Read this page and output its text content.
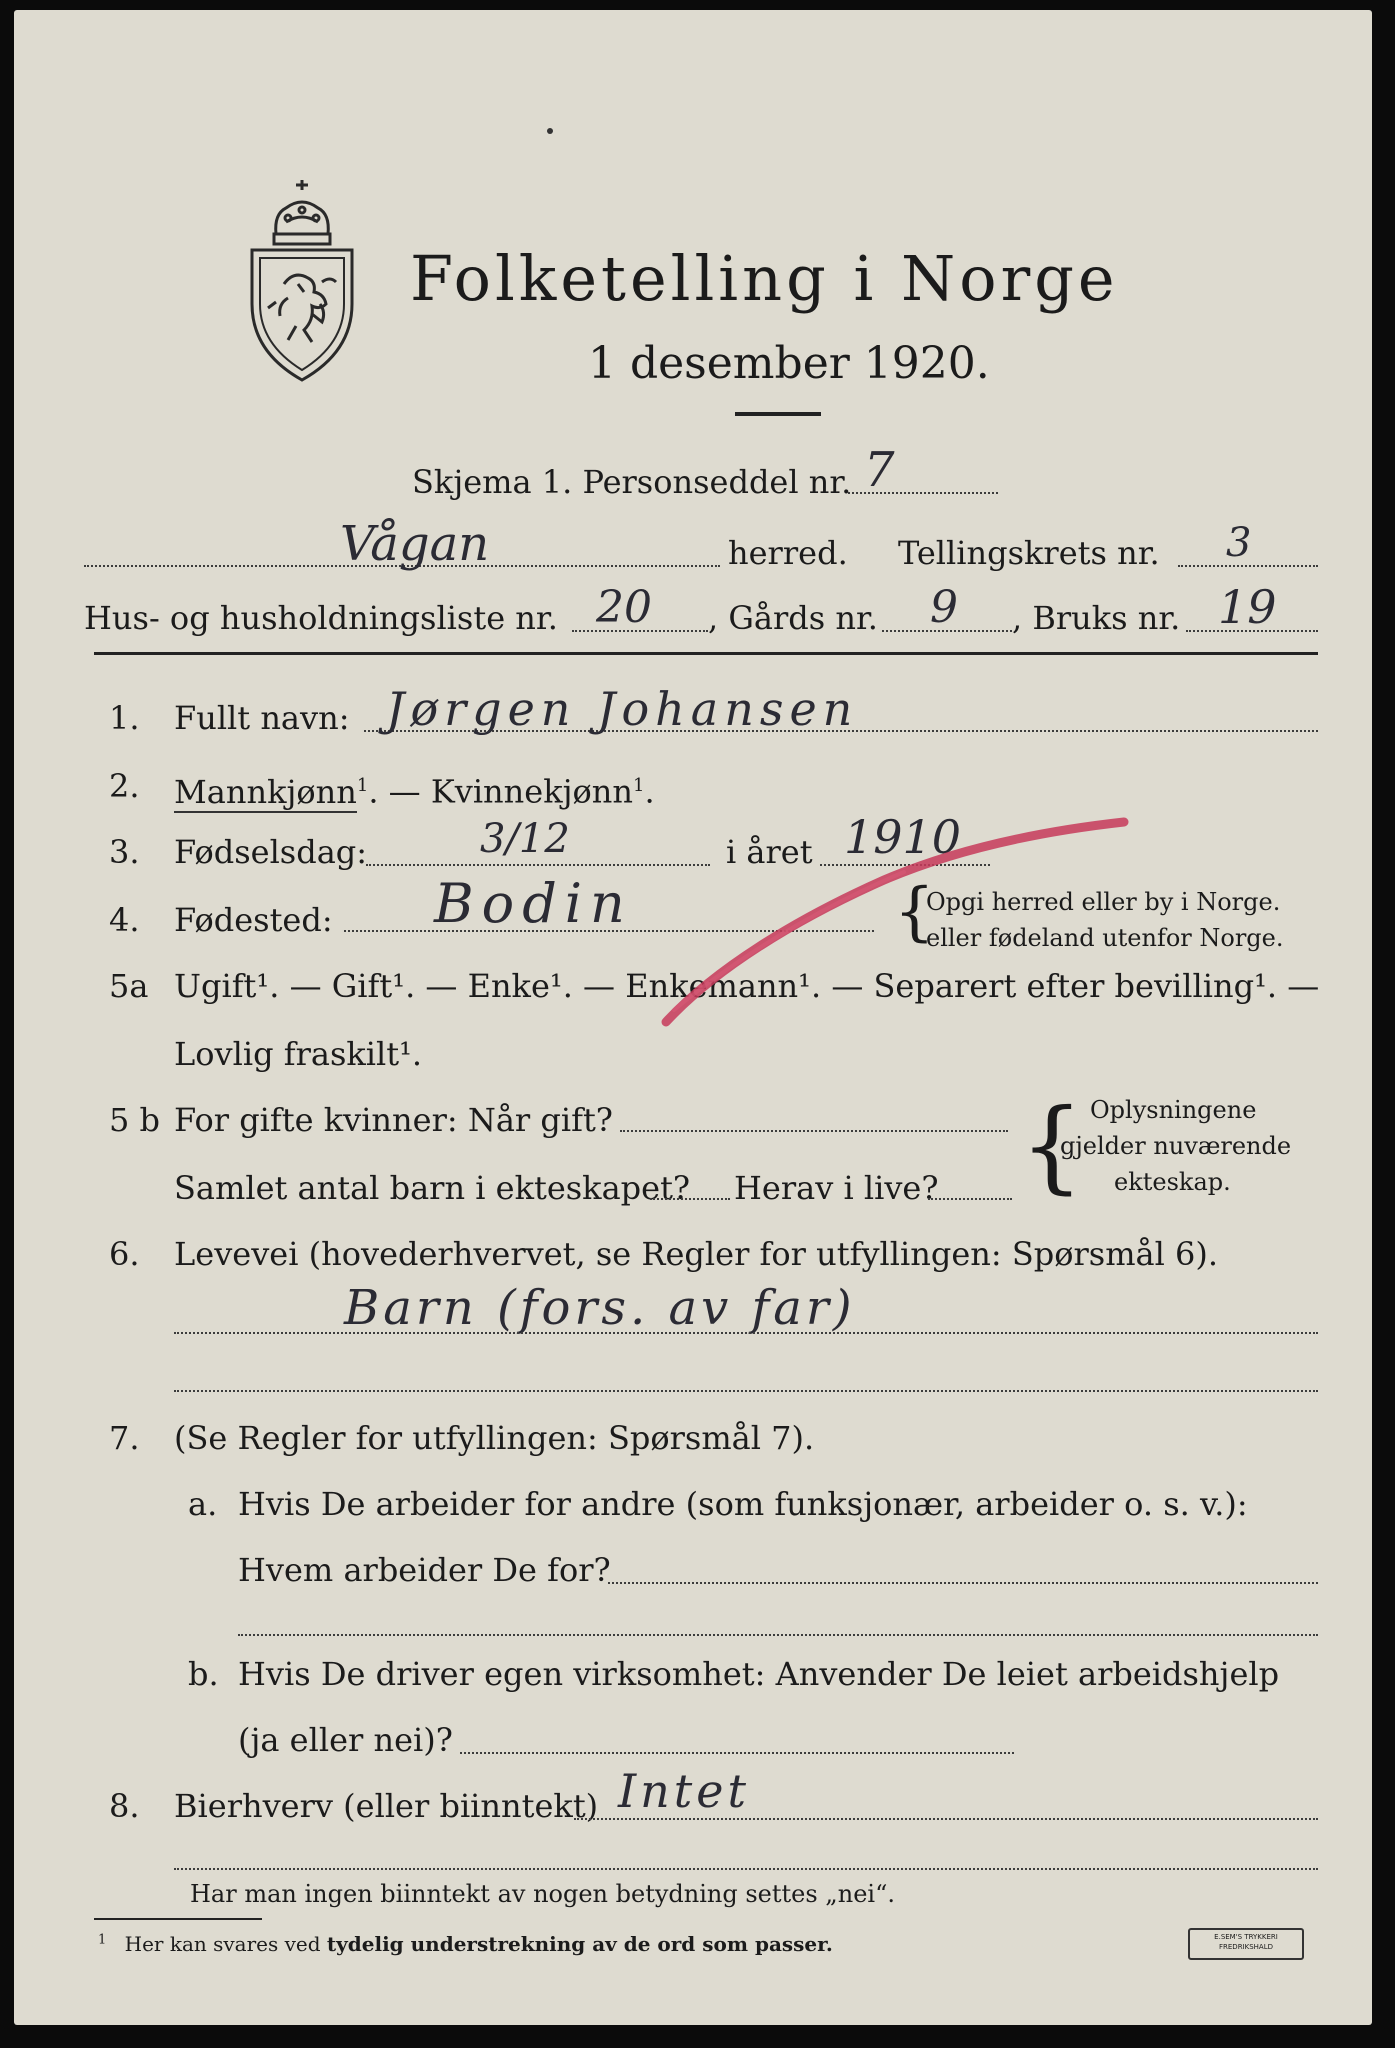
Folketelling i Norge
1 desember 1920.
Skjema 1. Personseddel nr. 7
Vågan	herred. Tellingskrets nr. 3
Hus- og husholdningsliste nr. 20 , Gårds nr. 9 , Bruks nr. 19
1. Fullt navn: Jørgen Johansen
2. Mannkjønn$^1$. — Kvinnekjønn$^1$.
3. Fødselsdag:	3/12	i året 1910
4. Fødested: Bodin	{
Opgi herred eller by i Norge.
eller fødeland utenfor Norge.
5a Ugift¹. — Gift¹. — Enke¹. — Enkemann¹. — Separert efter bevilling¹. —
Lovlig fraskilt¹.
5 b For gifte kvinner: Når gift?
Samlet antal barn i ekteskapet? Herav i live? { Oplysningene
gjelder nuværende
ekteskap.
6. Levevei (hovederhvervet, se Regler for utfyllingen: Spørsmål 6).
Barn (fors. av far)
7. (Se Regler for utfyllingen: Spørsmål 7).
a. Hvis De arbeider for andre (som funksjonær, arbeider o. s. v.):
Hvem arbeider De for?
b. Hvis De driver egen virksomhet: Anvender De leiet arbeidshjelp
(ja eller nei)?
8. Bierhverv (eller biinntekt) Intet
Har man ingen biinntekt av nogen betydning settes „nei“.
$^1$ Her kan svares ved tydelig understrekning av de ord som passer.	E.SEM'S TRYKKERI
FREDRIKSHALD
